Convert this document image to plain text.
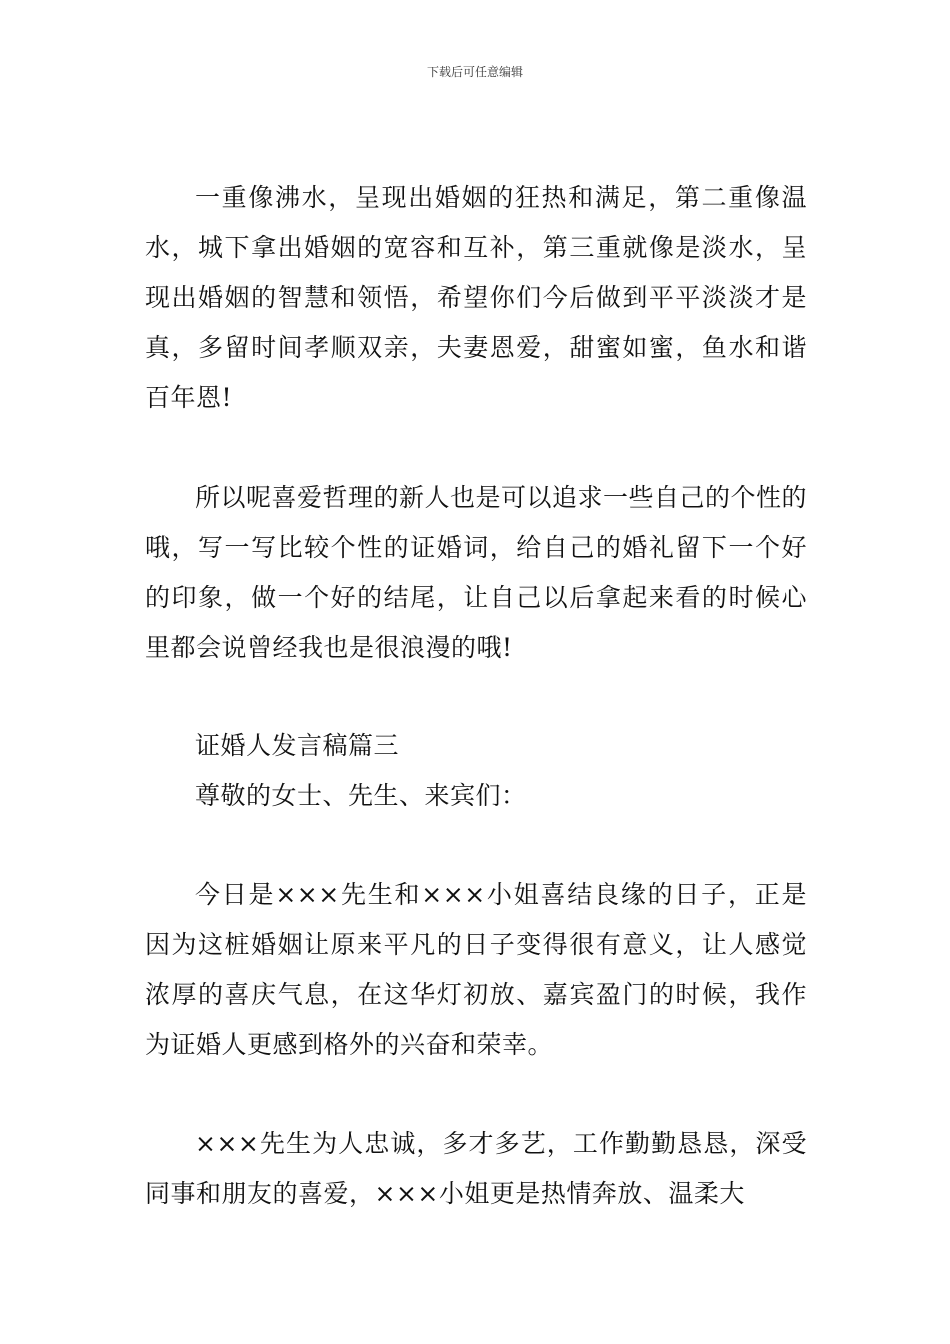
下载后可任意编辑

一重像沸水，呈现出婚姻的狂热和满足，第二重像温水，城下拿出婚姻的宽容和互补，第三重就像是淡水，呈现出婚姻的智慧和领悟，希望你们今后做到平平淡淡才是真，多留时间孝顺双亲，夫妻恩爱，甜蜜如蜜，鱼水和谐百年恩!

所以呢喜爱哲理的新人也是可以追求一些自己的个性的哦，写一写比较个性的证婚词，给自己的婚礼留下一个好的印象，做一个好的结尾，让自己以后拿起来看的时候心里都会说曾经我也是很浪漫的哦!

证婚人发言稿篇三

尊敬的女士、先生、来宾们：

今日是×××先生和×××小姐喜结良缘的日子，正是因为这桩婚姻让原来平凡的日子变得很有意义，让人感觉浓厚的喜庆气息，在这华灯初放、嘉宾盈门的时候，我作为证婚人更感到格外的兴奋和荣幸。

×××先生为人忠诚，多才多艺，工作勤勤恳恳，深受同事和朋友的喜爱，×××小姐更是热情奔放、温柔大
